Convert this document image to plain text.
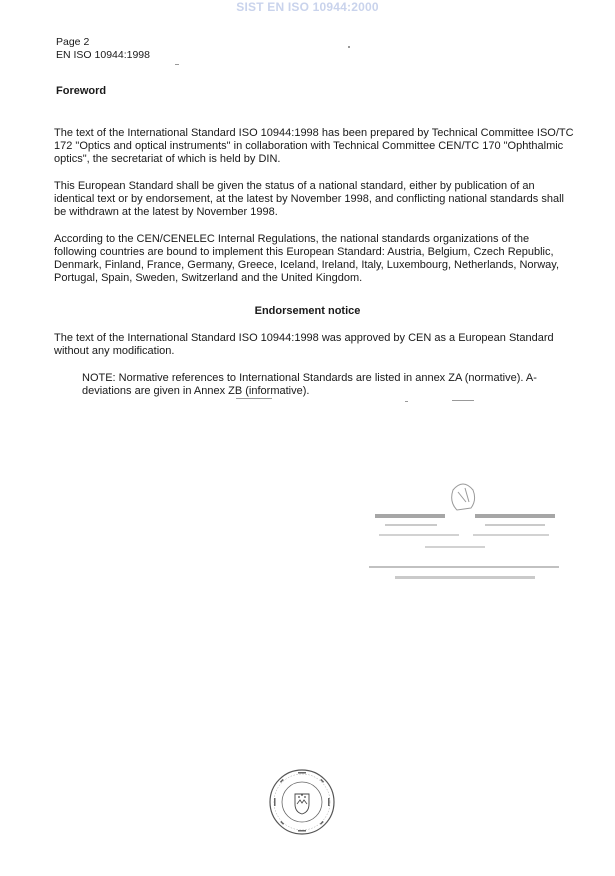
SIST EN ISO 10944:2000
Page 2
EN ISO 10944:1998
Foreword
The text of the International Standard ISO 10944:1998 has been prepared by Technical Committee ISO/TC 172 "Optics and optical instruments" in collaboration with Technical Committee CEN/TC 170 "Ophthalmic optics", the secretariat of which is held by DIN.
This European Standard shall be given the status of a national standard, either by publication of an identical text or by endorsement, at the latest by November 1998, and conflicting national standards shall be withdrawn at the latest by November 1998.
According to the CEN/CENELEC Internal Regulations, the national standards organizations of the following countries are bound to implement this European Standard: Austria, Belgium, Czech Republic, Denmark, Finland, France, Germany, Greece, Iceland, Ireland, Italy, Luxembourg, Netherlands, Norway, Portugal, Spain, Sweden, Switzerland and the United Kingdom.
Endorsement notice
The text of the International Standard ISO 10944:1998 was approved by CEN as a European Standard without any modification.
NOTE: Normative references to International Standards are listed in annex ZA (normative). A-deviations are given in Annex ZB (informative).
